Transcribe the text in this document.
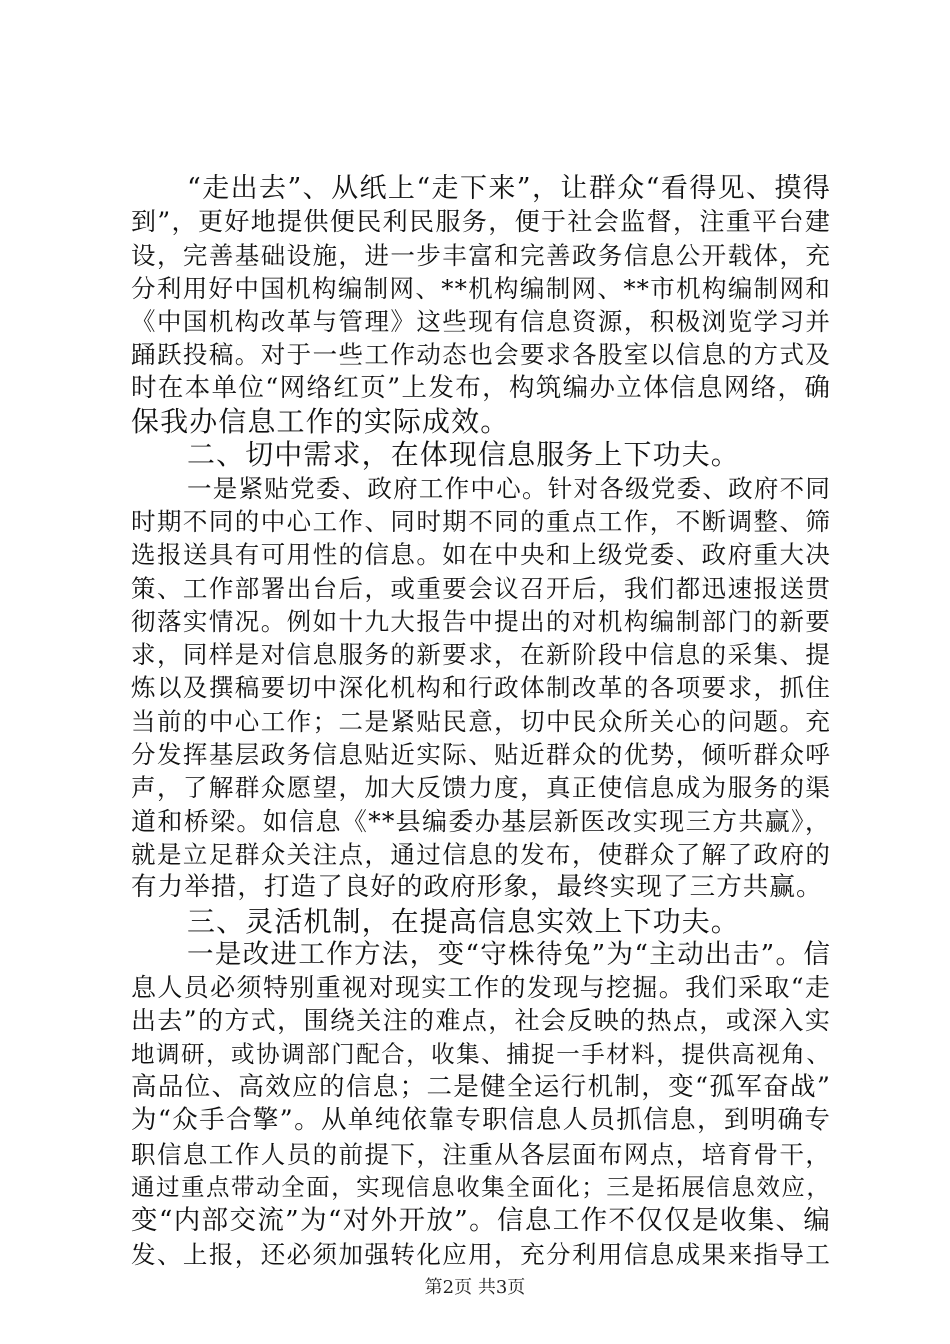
“走出去”、从纸上“走下来”，让群众“看得见、摸得
到”，更好地提供便民利民服务，便于社会监督，注重平台建
设，完善基础设施，进一步丰富和完善政务信息公开载体，充
分利用好中国机构编制网、**机构编制网、**市机构编制网和
《中国机构改革与管理》这些现有信息资源，积极浏览学习并
踊跃投稿。对于一些工作动态也会要求各股室以信息的方式及
时在本单位“网络红页”上发布，构筑编办立体信息网络，确
保我办信息工作的实际成效。
二、切中需求，在体现信息服务上下功夫。
一是紧贴党委、政府工作中心。针对各级党委、政府不同
时期不同的中心工作、同时期不同的重点工作，不断调整、筛
选报送具有可用性的信息。如在中央和上级党委、政府重大决
策、工作部署出台后，或重要会议召开后，我们都迅速报送贯
彻落实情况。例如十九大报告中提出的对机构编制部门的新要
求，同样是对信息服务的新要求，在新阶段中信息的采集、提
炼以及撰稿要切中深化机构和行政体制改革的各项要求，抓住
当前的中心工作；二是紧贴民意，切中民众所关心的问题。充
分发挥基层政务信息贴近实际、贴近群众的优势，倾听群众呼
声，了解群众愿望，加大反馈力度，真正使信息成为服务的渠
道和桥梁。如信息《**县编委办基层新医改实现三方共赢》，
就是立足群众关注点，通过信息的发布，使群众了解了政府的
有力举措，打造了良好的政府形象，最终实现了三方共赢。
三、灵活机制，在提高信息实效上下功夫。
一是改进工作方法，变“守株待兔”为“主动出击”。信
息人员必须特别重视对现实工作的发现与挖掘。我们采取“走
出去”的方式，围绕关注的难点，社会反映的热点，或深入实
地调研，或协调部门配合，收集、捕捉一手材料，提供高视角、
高品位、高效应的信息；二是健全运行机制，变“孤军奋战”
为“众手合擎”。从单纯依靠专职信息人员抓信息，到明确专
职信息工作人员的前提下，注重从各层面布网点，培育骨干，
通过重点带动全面，实现信息收集全面化；三是拓展信息效应，
变“内部交流”为“对外开放”。信息工作不仅仅是收集、编
发、上报，还必须加强转化应用，充分利用信息成果来指导工
第2页 共3页
